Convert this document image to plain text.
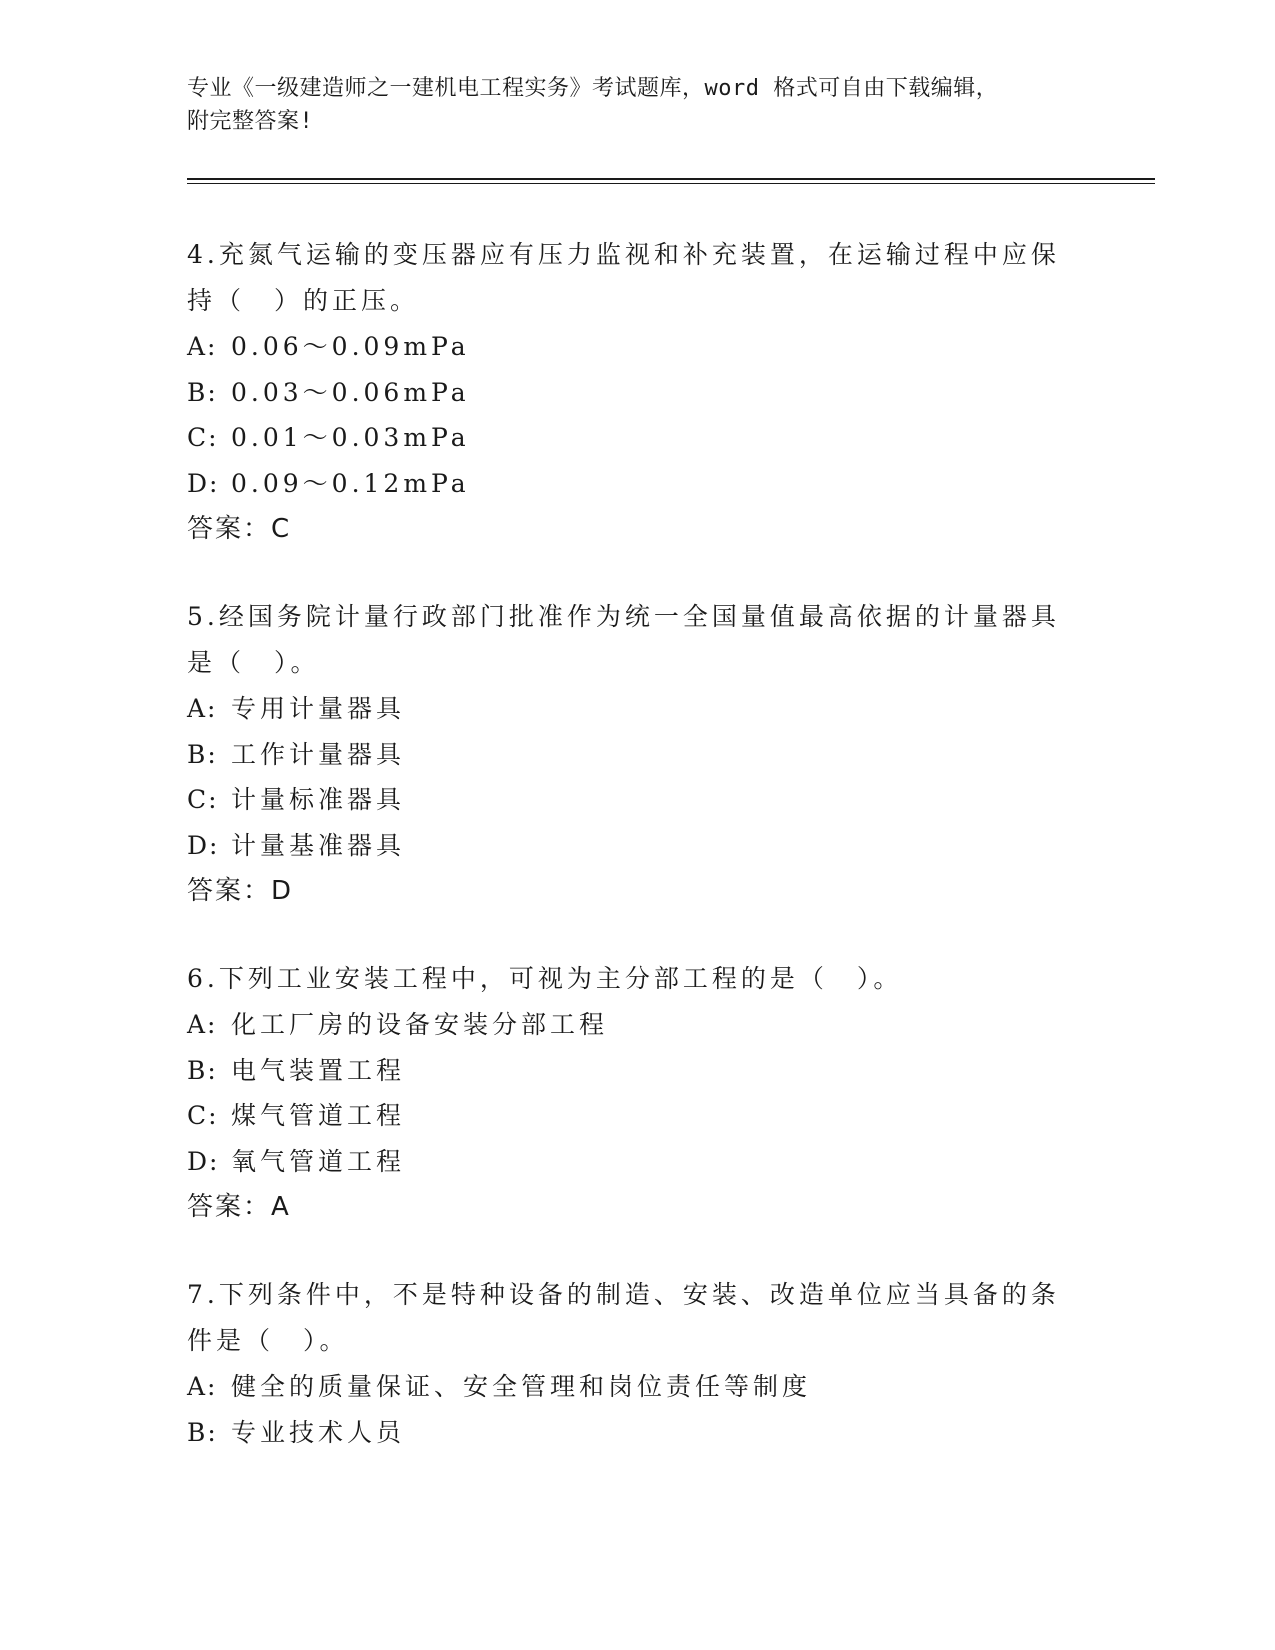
专业《一级建造师之一建机电工程实务》考试题库，word 格式可自由下载编辑，
附完整答案!

4.充氮气运输的变压器应有压力监视和补充装置，在运输过程中应保持（　）的正压。

A: 0.06～0.09mPa
B: 0.03～0.06mPa
C: 0.01～0.03mPa
D: 0.09～0.12mPa
答案：C

5.经国务院计量行政部门批准作为统一全国量值最高依据的计量器具是（　）。

A: 专用计量器具
B: 工作计量器具
C: 计量标准器具
D: 计量基准器具
答案：D

6.下列工业安装工程中，可视为主分部工程的是（　）。

A: 化工厂房的设备安装分部工程
B: 电气装置工程
C: 煤气管道工程
D: 氧气管道工程
答案：A

7.下列条件中，不是特种设备的制造、安装、改造单位应当具备的条件是（　）。

A: 健全的质量保证、安全管理和岗位责任等制度
B: 专业技术人员
